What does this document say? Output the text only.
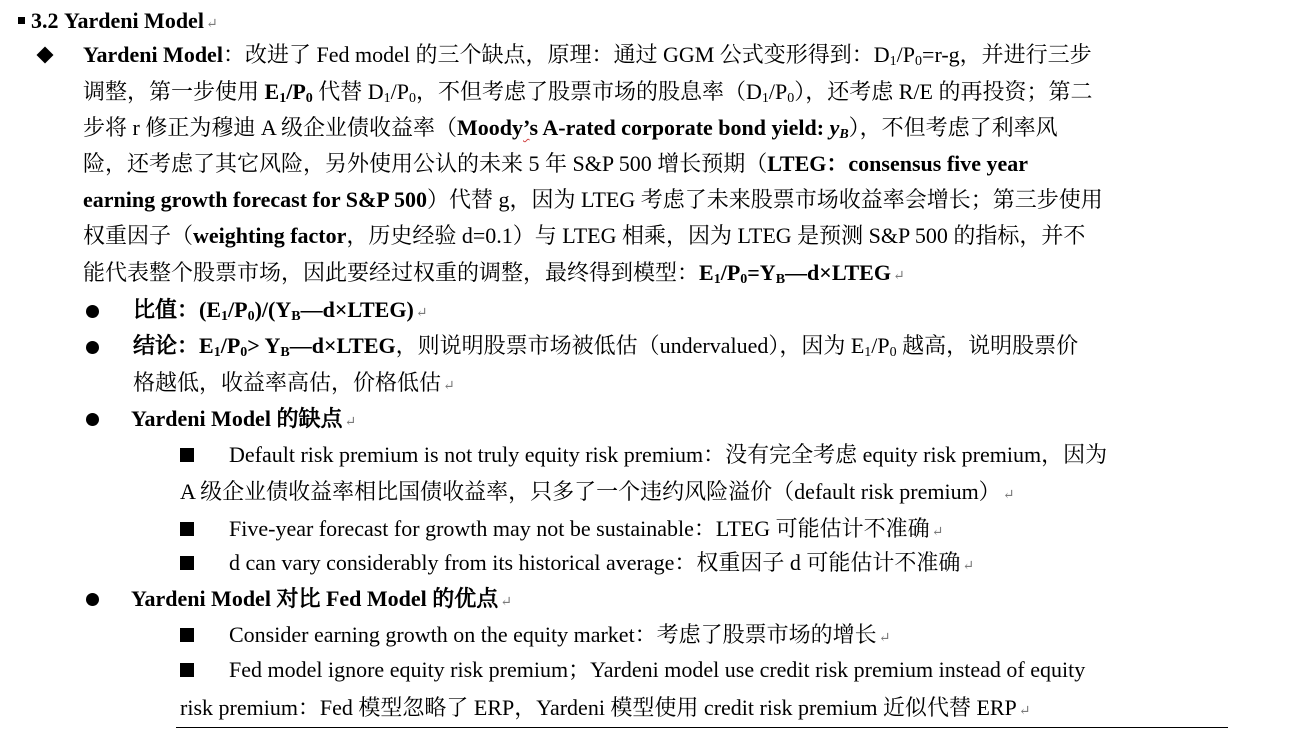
3.2 Yardeni Model ↵
Yardeni Model：改进了 Fed model 的三个缺点，原理：通过 GGM 公式变形得到：$D_1/P_0=r-g$，并进行三步
调整，第一步使用 $E_1/P_0$ 代替 $D_1/P_0$，不但考虑了股票市场的股息率$(D_1/P_0)$，还考虑 R/E 的再投资；第二
步将 r 修正为穆迪 A 级企业债收益率（Moody’s A-rated corporate bond yield: $y_B$），不但考虑了利率风
险，还考虑了其它风险，另外使用公认的未来 5 年 S&P 500 增长预期（LTEG：consensus five year
earning growth forecast for S&P 500）代替 g，因为 LTEG 考虑了未来股票市场收益率会增长；第三步使用
权重因子（weighting factor，历史经验 d=0.1）与 LTEG 相乘，因为 LTEG 是预测 S&P 500 的指标，并不
能代表整个股票市场，因此要经过权重的调整，最终得到模型：$E_1/P_0=Y_B—d\times LTEG$ ↵
比值：$(E_1/P_0)/(Y_B—d\times LTEG)$ ↵
结论：$E_1/P_0>$ $Y_B—d\times LTEG$，则说明股票市场被低估（undervalued），因为 $E_1/P_0$ 越高，说明股票价
格越低，收益率高估，价格低估 ↵
Yardeni Model 的缺点 ↵
Default risk premium is not truly equity risk premium：没有完全考虑 equity risk premium，因为
A 级企业债收益率相比国债收益率，只多了一个违约风险溢价（default risk premium） ↵
Five-year forecast for growth may not be sustainable：LTEG 可能估计不准确 ↵
d can vary considerably from its historical average：权重因子 d 可能估计不准确 ↵
Yardeni Model 对比 Fed Model 的优点 ↵
Consider earning growth on the equity market：考虑了股票市场的增长 ↵
Fed model ignore equity risk premium；Yardeni model use credit risk premium instead of equity
risk premium：Fed 模型忽略了 ERP，Yardeni 模型使用 credit risk premium 近似代替 ERP ↵
